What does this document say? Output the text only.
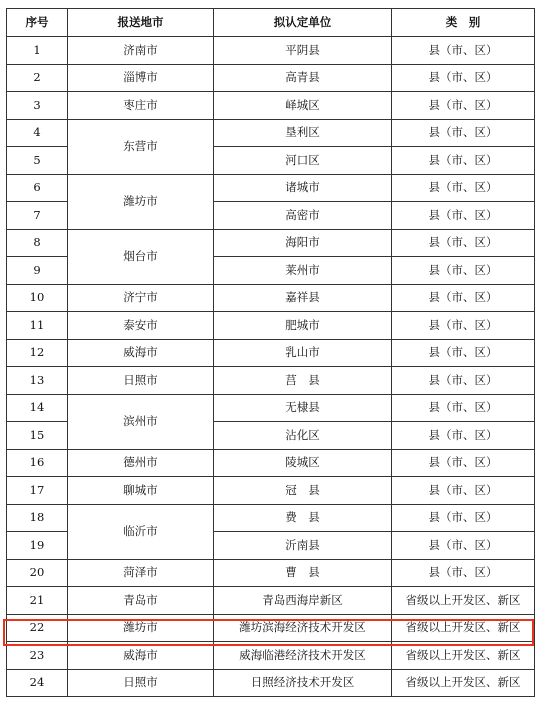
序号	报送地市	拟认定单位	类　别
1	济南市	平阴县	县（市、区）
2	淄博市	高青县	县（市、区）
3	枣庄市	峄城区	县（市、区）
4	东营市	垦利区	县（市、区）
5		河口区	县（市、区）
6	潍坊市	诸城市	县（市、区）
7		高密市	县（市、区）
8	烟台市	海阳市	县（市、区）
9		莱州市	县（市、区）
10	济宁市	嘉祥县	县（市、区）
11	泰安市	肥城市	县（市、区）
12	威海市	乳山市	县（市、区）
13	日照市	莒　县	县（市、区）
14	滨州市	无棣县	县（市、区）
15		沾化区	县（市、区）
16	德州市	陵城区	县（市、区）
17	聊城市	冠　县	县（市、区）
18	临沂市	费　县	县（市、区）
19		沂南县	县（市、区）
20	菏泽市	曹　县	县（市、区）
21	青岛市	青岛西海岸新区	省级以上开发区、新区
22	潍坊市	潍坊滨海经济技术开发区	省级以上开发区、新区
23	威海市	威海临港经济技术开发区	省级以上开发区、新区
24	日照市	日照经济技术开发区	省级以上开发区、新区
